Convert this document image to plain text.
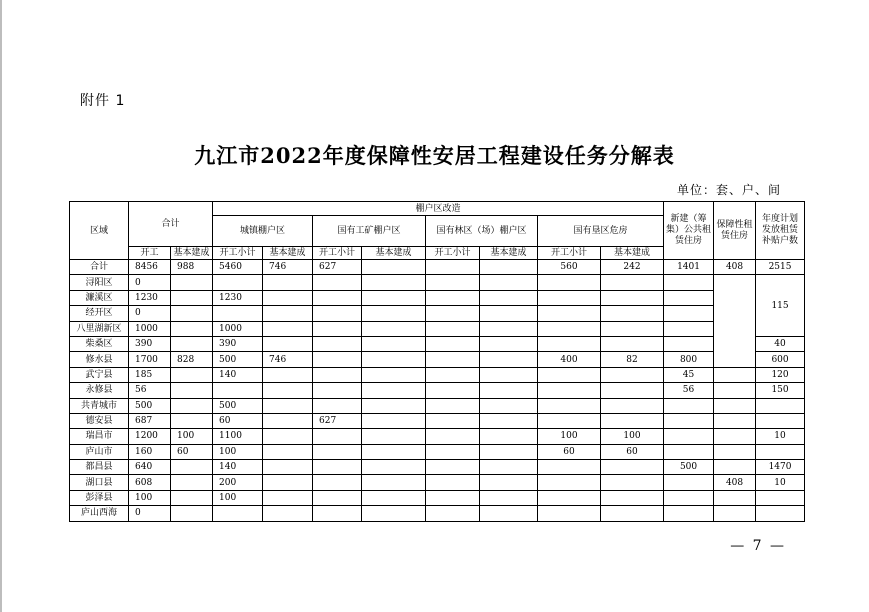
附件 1
九江市2022年度保障性安居工程建设任务分解表
单位：套、户、间
区域	合计		棚户区改造								新建（筹集）公共租赁住房	保障性租赁住房	年度计划发放租赁补贴户数
			城镇棚户区		国有工矿棚户区		国有林区（场）棚户区		国有垦区危房				
	开工	基本建成	开工小计	基本建成	开工小计	基本建成	开工小计	基本建成	开工小计	基本建成			
合计	8456	988	5460	746	627				560	242	1401	408	2515
浔阳区	0												115
濂溪区	1230		1230										
经开区	0												
八里湖新区	1000		1000										
柴桑区	390		390										40
修水县	1700	828	500	746					400	82	800		600
武宁县	185		140								45		120
永修县	56										56		150
共青城市	500		500										
德安县	687		60		627								
瑞昌市	1200	100	1100						100	100			10
庐山市	160	60	100						60	60			
都昌县	640		140								500		1470
湖口县	608		200									408	10
彭泽县	100		100										
庐山西海	0												
— 7 —
